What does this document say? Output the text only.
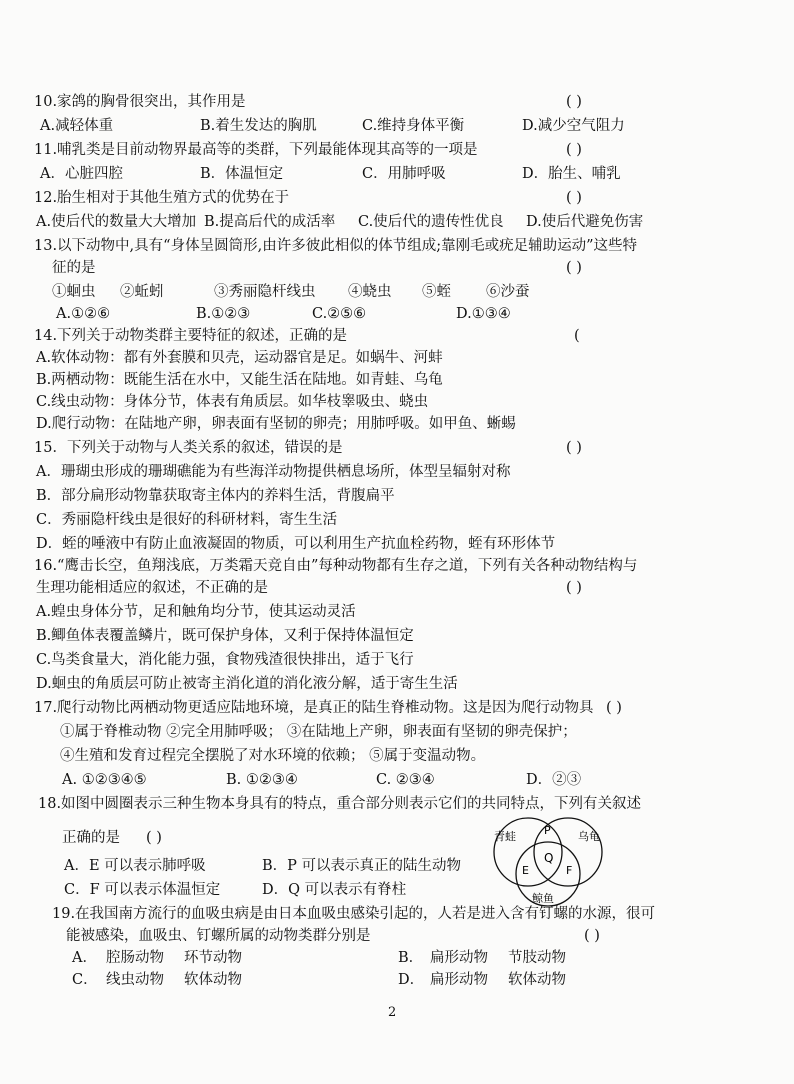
10.家鸽的胸骨很突出，其作用是	( )
A.减轻体重	B.着生发达的胸肌	C.维持身体平衡	D.减少空气阻力
11.哺乳类是目前动物界最高等的类群，下列最能体现其高等的一项是	( )
A．心脏四腔	B．体温恒定	C．用肺呼吸	D．胎生、哺乳
12.胎生相对于其他生殖方式的优势在于	( )
A.使后代的数量大大增加 B.提高后代的成活率 C.使后代的遗传性优良 D.使后代避免伤害
13.以下动物中,具有“身体呈圆筒形,由许多彼此相似的体节组成;靠刚毛或疣足辅助运动”这些特
征的是	( )
①蛔虫 ②蚯蚓	③秀丽隐杆线虫 ④蛲虫 ⑤蛭 ⑥沙蚕
A.①②⑥	B.①②③	C.②⑤⑥	D.①③④
14.下列关于动物类群主要特征的叙述，正确的是	(
A.软体动物：都有外套膜和贝壳，运动器官是足。如蜗牛、河蚌
B.两栖动物：既能生活在水中，又能生活在陆地。如青蛙、乌龟
C.线虫动物：身体分节，体表有角质层。如华枝睾吸虫、蛲虫
D.爬行动物：在陆地产卵，卵表面有坚韧的卵壳；用肺呼吸。如甲鱼、蜥蜴
15．下列关于动物与人类关系的叙述，错误的是	( )
A．珊瑚虫形成的珊瑚礁能为有些海洋动物提供栖息场所，体型呈辐射对称
B．部分扁形动物靠获取寄主体内的养料生活，背腹扁平
C．秀丽隐杆线虫是很好的科研材料，寄生生活
D．蛭的唾液中有防止血液凝固的物质，可以利用生产抗血栓药物，蛭有环形体节
16.“鹰击长空，鱼翔浅底，万类霜天竞自由”每种动物都有生存之道，下列有关各种动物结构与
生理功能相适应的叙述，不正确的是	( )
A.蝗虫身体分节，足和触角均分节，使其运动灵活
B.鲫鱼体表覆盖鳞片，既可保护身体，又利于保持体温恒定
C.鸟类食量大，消化能力强，食物残渣很快排出，适于飞行
D.蛔虫的角质层可防止被寄主消化道的消化液分解，适于寄生生活
17.爬行动物比两栖动物更适应陆地环境，是真正的陆生脊椎动物。这是因为爬行动物具 ( )
①属于脊椎动物 ②完全用肺呼吸； ③在陆地上产卵，卵表面有坚韧的卵壳保护；
④生殖和发育过程完全摆脱了对水环境的依赖； ⑤属于变温动物。
A. ①②③④⑤	B. ①②③④	C. ②③④	D．②③
18.如图中圆圈表示三种生物本身具有的特点，重合部分则表示它们的共同特点，下列有关叙述
正确的是 ( )
A．E 可以表示肺呼吸	B．P 可以表示真正的陆生动物
C．F 可以表示体温恒定	D．Q 可以表示有脊柱
青蛙	乌龟
鲸鱼
P
Q
E	F
19.在我国南方流行的血吸虫病是由日本血吸虫感染引起的，人若是进入含有钉螺的水源，很可
能被感染，血吸虫、钉螺所属的动物类群分别是	( )
A． 腔肠动物 环节动物	B． 扁形动物 节肢动物
C． 线虫动物 软体动物	D． 扁形动物 软体动物
2
